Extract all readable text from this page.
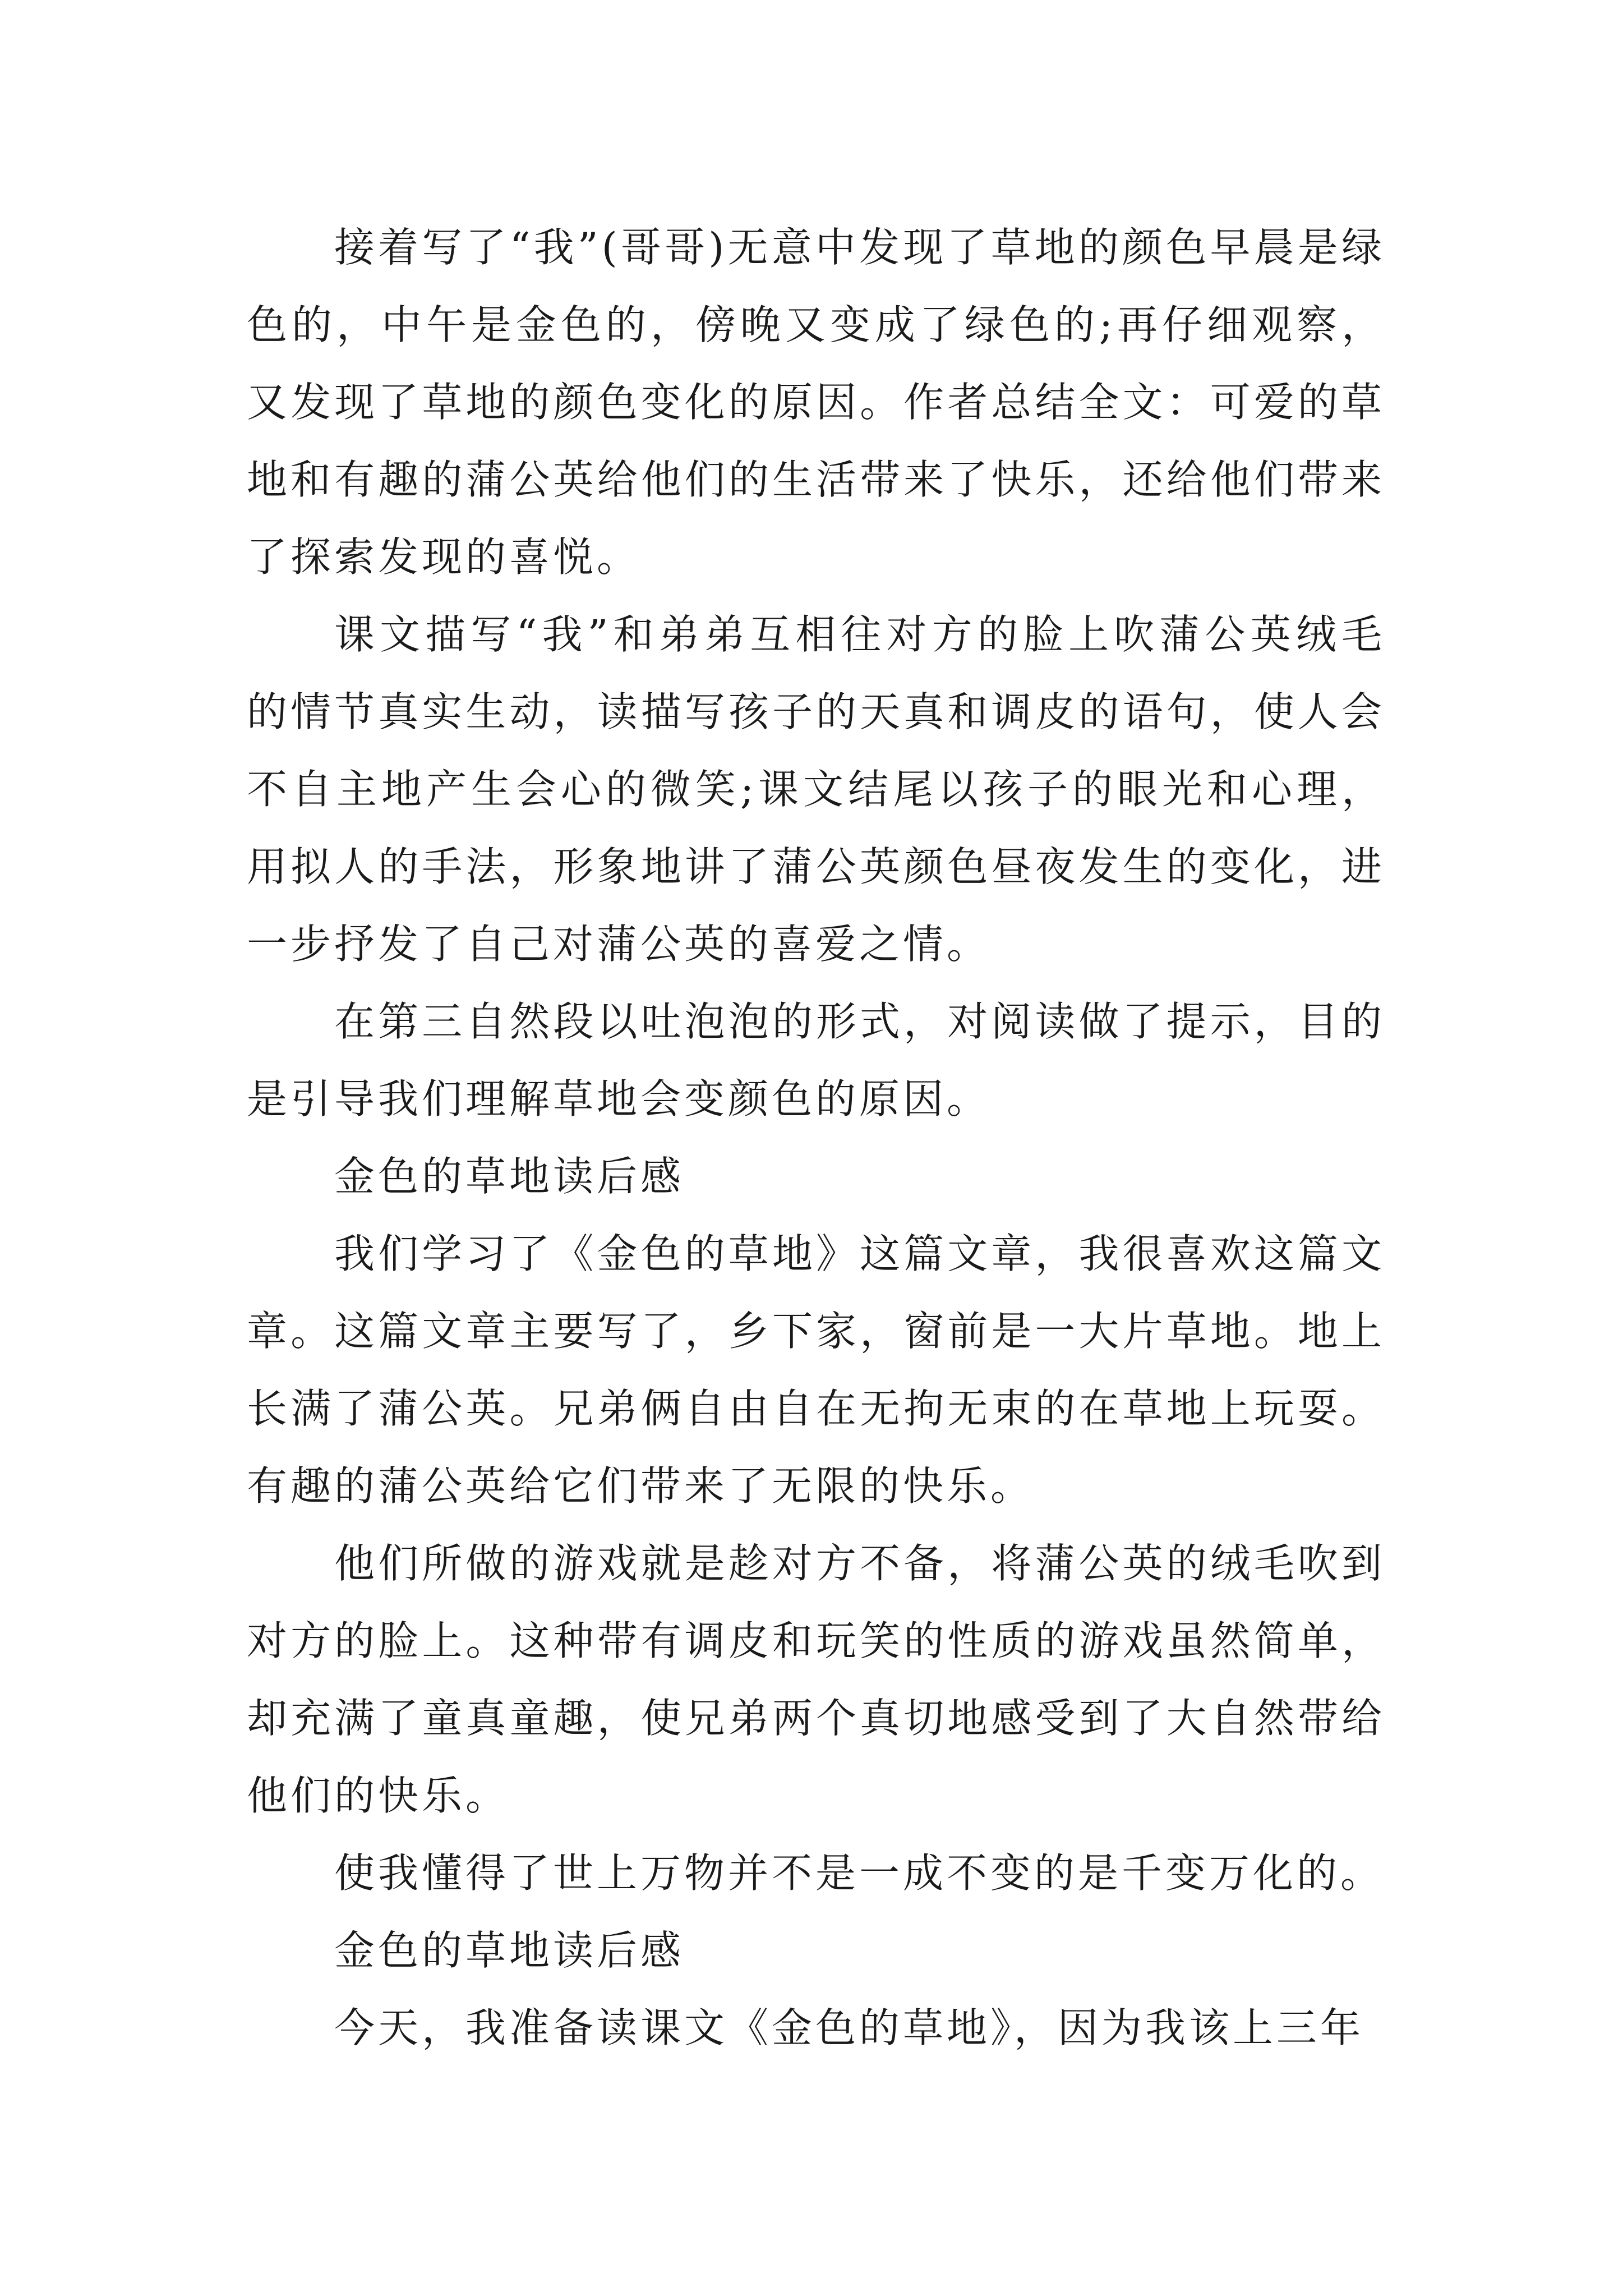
接着写了“我”(哥哥)无意中发现了草地的颜色早晨是绿色的，中午是金色的，傍晚又变成了绿色的;再仔细观察，又发现了草地的颜色变化的原因。作者总结全文：可爱的草地和有趣的蒲公英给他们的生活带来了快乐，还给他们带来了探索发现的喜悦。

课文描写“我”和弟弟互相往对方的脸上吹蒲公英绒毛的情节真实生动，读描写孩子的天真和调皮的语句，使人会不自主地产生会心的微笑;课文结尾以孩子的眼光和心理，用拟人的手法，形象地讲了蒲公英颜色昼夜发生的变化，进一步抒发了自己对蒲公英的喜爱之情。

在第三自然段以吐泡泡的形式，对阅读做了提示，目的是引导我们理解草地会变颜色的原因。

金色的草地读后感

我们学习了《金色的草地》这篇文章，我很喜欢这篇文章。这篇文章主要写了，乡下家，窗前是一大片草地。地上长满了蒲公英。兄弟俩自由自在无拘无束的在草地上玩耍。有趣的蒲公英给它们带来了无限的快乐。

他们所做的游戏就是趁对方不备，将蒲公英的绒毛吹到对方的脸上。这种带有调皮和玩笑的性质的游戏虽然简单，却充满了童真童趣，使兄弟两个真切地感受到了大自然带给他们的快乐。

使我懂得了世上万物并不是一成不变的是千变万化的。

金色的草地读后感

今天，我准备读课文《金色的草地》，因为我该上三年
